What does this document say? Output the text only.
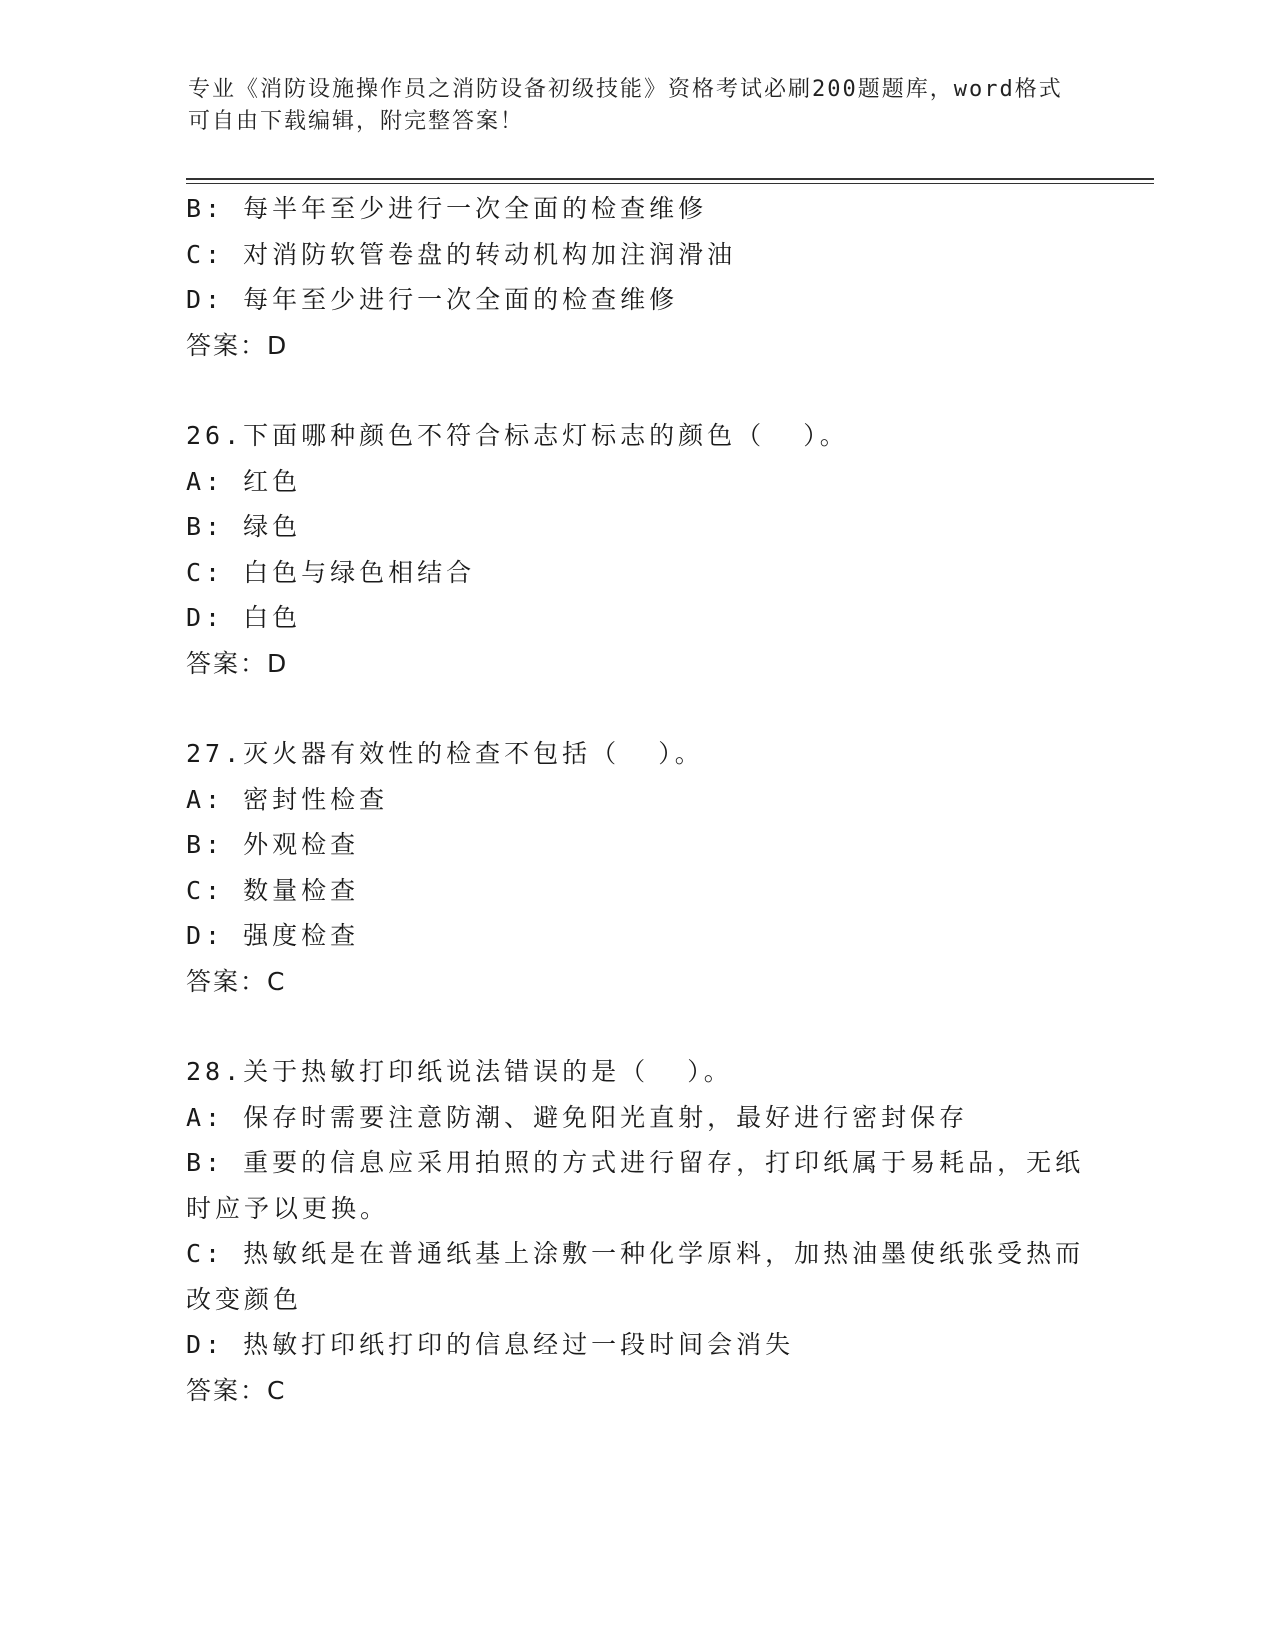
专业《消防设施操作员之消防设备初级技能》资格考试必刷200题题库，word格式可自由下载编辑，附完整答案！

B: 每半年至少进行一次全面的检查维修

C: 对消防软管卷盘的转动机构加注润滑油

D: 每年至少进行一次全面的检查维修

答案：D

26.下面哪种颜色不符合标志灯标志的颜色（  ）。

A: 红色

B: 绿色

C: 白色与绿色相结合

D: 白色

答案：D

27.灭火器有效性的检查不包括（  ）。

A: 密封性检查

B: 外观检查

C: 数量检查

D: 强度检查

答案：C

28.关于热敏打印纸说法错误的是（  ）。

A: 保存时需要注意防潮、避免阳光直射，最好进行密封保存

B: 重要的信息应采用拍照的方式进行留存，打印纸属于易耗品，无纸时应予以更换。

C: 热敏纸是在普通纸基上涂敷一种化学原料，加热油墨使纸张受热而改变颜色

D: 热敏打印纸打印的信息经过一段时间会消失

答案：C
